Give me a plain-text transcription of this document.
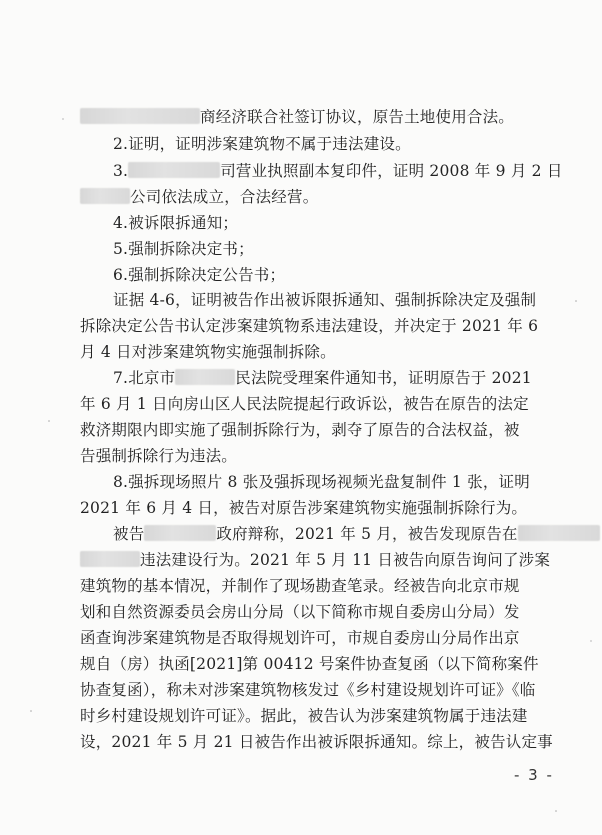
商经济联合社签订协议，原告土地使用合法。
2.证明，证明涉案建筑物不属于违法建设。
3.	司营业执照副本复印件，证明 2008 年 9 月 2 日
公司依法成立，合法经营。
4.被诉限拆通知；
5.强制拆除决定书；
6.强制拆除决定公告书；
证据 4-6，证明被告作出被诉限拆通知、强制拆除决定及强制
拆除决定公告书认定涉案建筑物系违法建设，并决定于 2021 年 6
月 4 日对涉案建筑物实施强制拆除。
7.北京市	民法院受理案件通知书，证明原告于 2021
年 6 月 1 日向房山区人民法院提起行政诉讼，被告在原告的法定
救济期限内即实施了强制拆除行为，剥夺了原告的合法权益，被
告强制拆除行为违法。
8.强拆现场照片 8 张及强拆现场视频光盘复制件 1 张，证明
2021 年 6 月 4 日，被告对原告涉案建筑物实施强制拆除行为。
被告	政府辩称，2021 年 5 月，被告发现原告在
违法建设行为。2021 年 5 月 11 日被告向原告询问了涉案
建筑物的基本情况，并制作了现场勘查笔录。经被告向北京市规
划和自然资源委员会房山分局（以下简称市规自委房山分局）发
函查询涉案建筑物是否取得规划许可，市规自委房山分局作出京
规自（房）执函[2021]第 00412 号案件协查复函（以下简称案件
协查复函），称未对涉案建筑物核发过《乡村建设规划许可证》《临
时乡村建设规划许可证》。据此，被告认为涉案建筑物属于违法建
设，2021 年 5 月 21 日被告作出被诉限拆通知。综上，被告认定事
- 3 -
